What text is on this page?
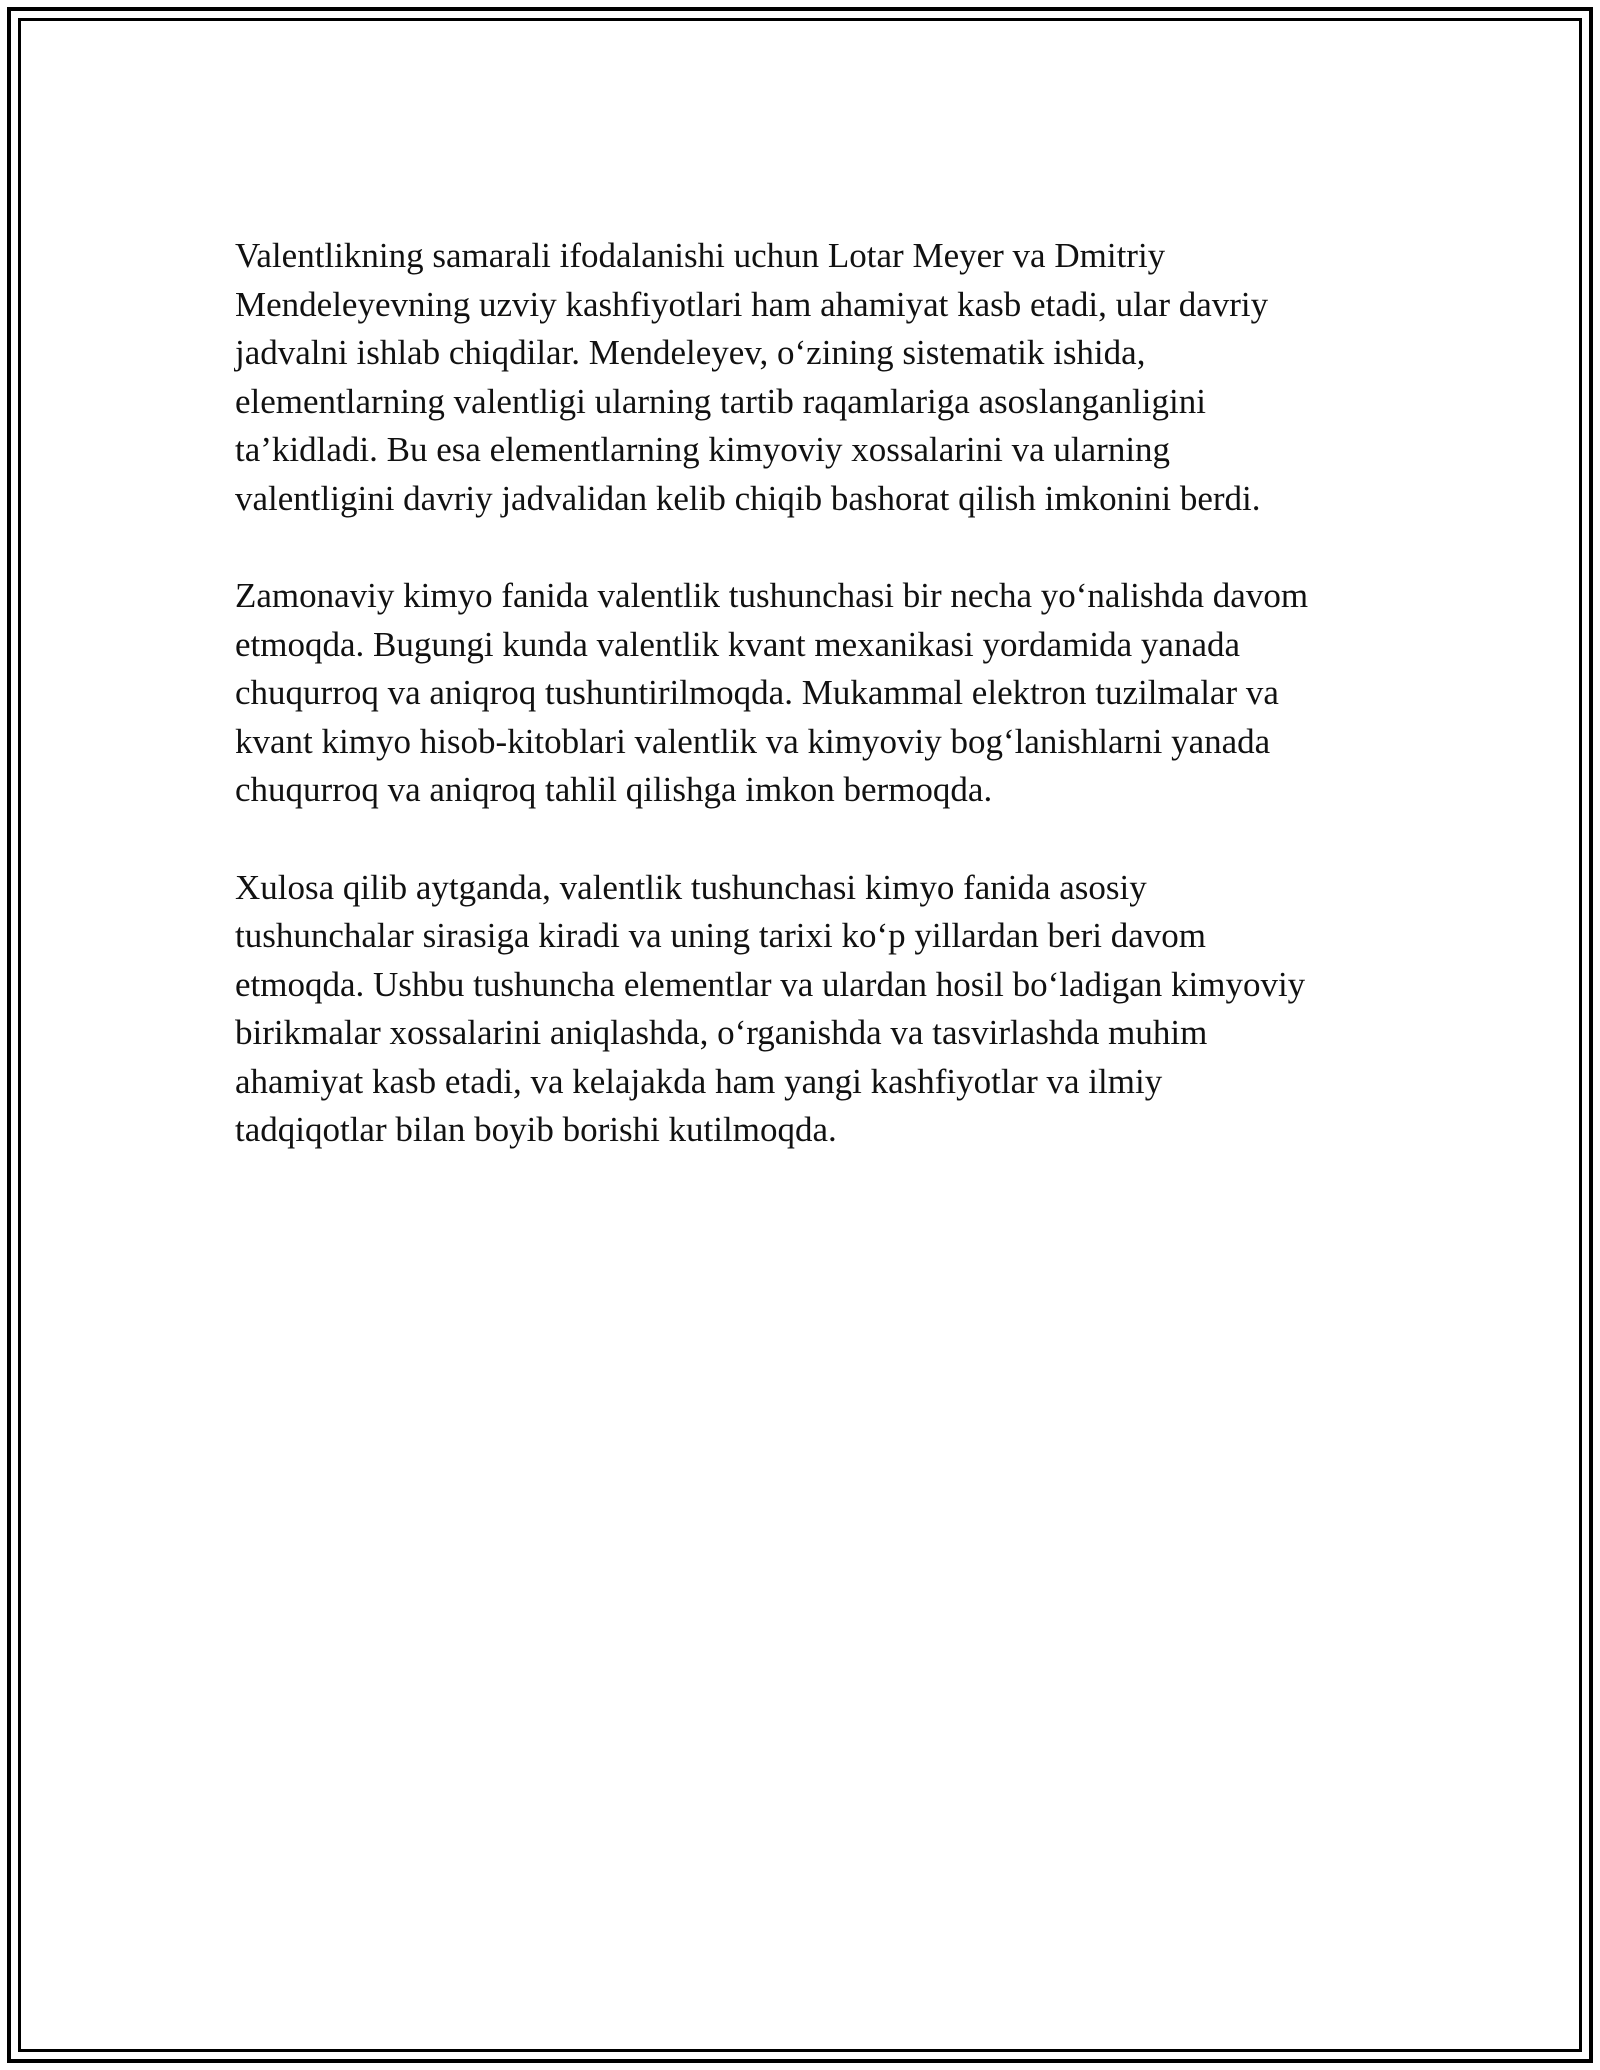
Valentlikning samarali ifodalanishi uchun Lotar Meyer va Dmitriy
Mendeleyevning uzviy kashfiyotlari ham ahamiyat kasb etadi, ular davriy
jadvalni ishlab chiqdilar. Mendeleyev, o‘zining sistematik ishida,
elementlarning valentligi ularning tartib raqamlariga asoslanganligini
ta’kidladi. Bu esa elementlarning kimyoviy xossalarini va ularning
valentligini davriy jadvalidan kelib chiqib bashorat qilish imkonini berdi.

Zamonaviy kimyo fanida valentlik tushunchasi bir necha yo‘nalishda davom
etmoqda. Bugungi kunda valentlik kvant mexanikasi yordamida yanada
chuqurroq va aniqroq tushuntirilmoqda. Mukammal elektron tuzilmalar va
kvant kimyo hisob-kitoblari valentlik va kimyoviy bog‘lanishlarni yanada
chuqurroq va aniqroq tahlil qilishga imkon bermoqda.

Xulosa qilib aytganda, valentlik tushunchasi kimyo fanida asosiy
tushunchalar sirasiga kiradi va uning tarixi ko‘p yillardan beri davom
etmoqda. Ushbu tushuncha elementlar va ulardan hosil bo‘ladigan kimyoviy
birikmalar xossalarini aniqlashda, o‘rganishda va tasvirlashda muhim
ahamiyat kasb etadi, va kelajakda ham yangi kashfiyotlar va ilmiy
tadqiqotlar bilan boyib borishi kutilmoqda.
